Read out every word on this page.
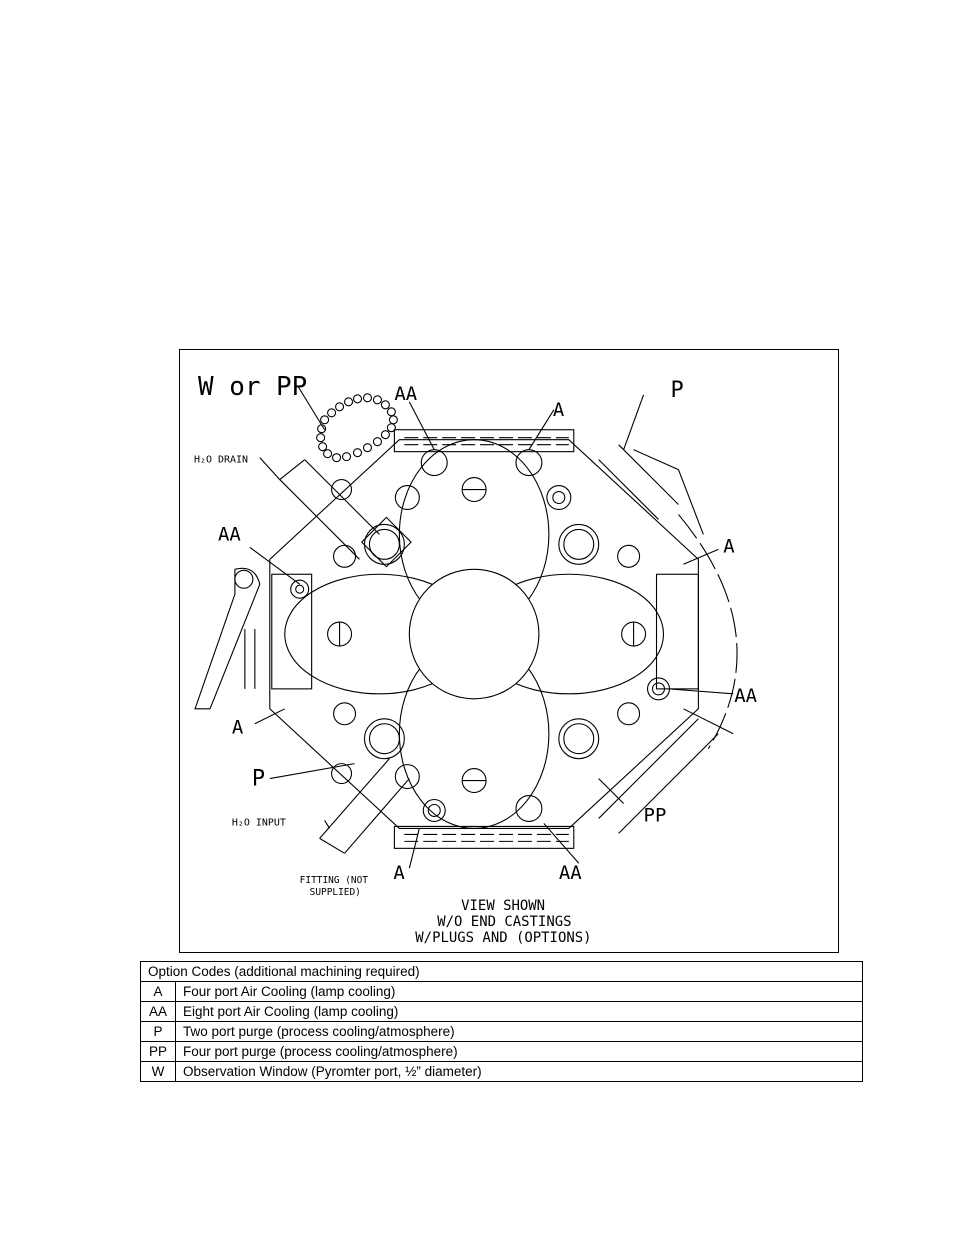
W or PP	AA
A
P
H₂O DRAIN
AA
A
AA
A
P
PP
H₂O INPUT
FITTING (NOT
SUPPLIED)
A	AA
VIEW SHOWN
W/O END CASTINGS
W/PLUGS AND (OPTIONS)
Option Codes (additional machining required)	
A	Four port Air Cooling (lamp cooling)
AA	Eight port Air Cooling (lamp cooling)
P	Two port purge (process cooling/atmosphere)
PP	Four port purge (process cooling/atmosphere)
W	Observation Window (Pyromter port, ½” diameter)
